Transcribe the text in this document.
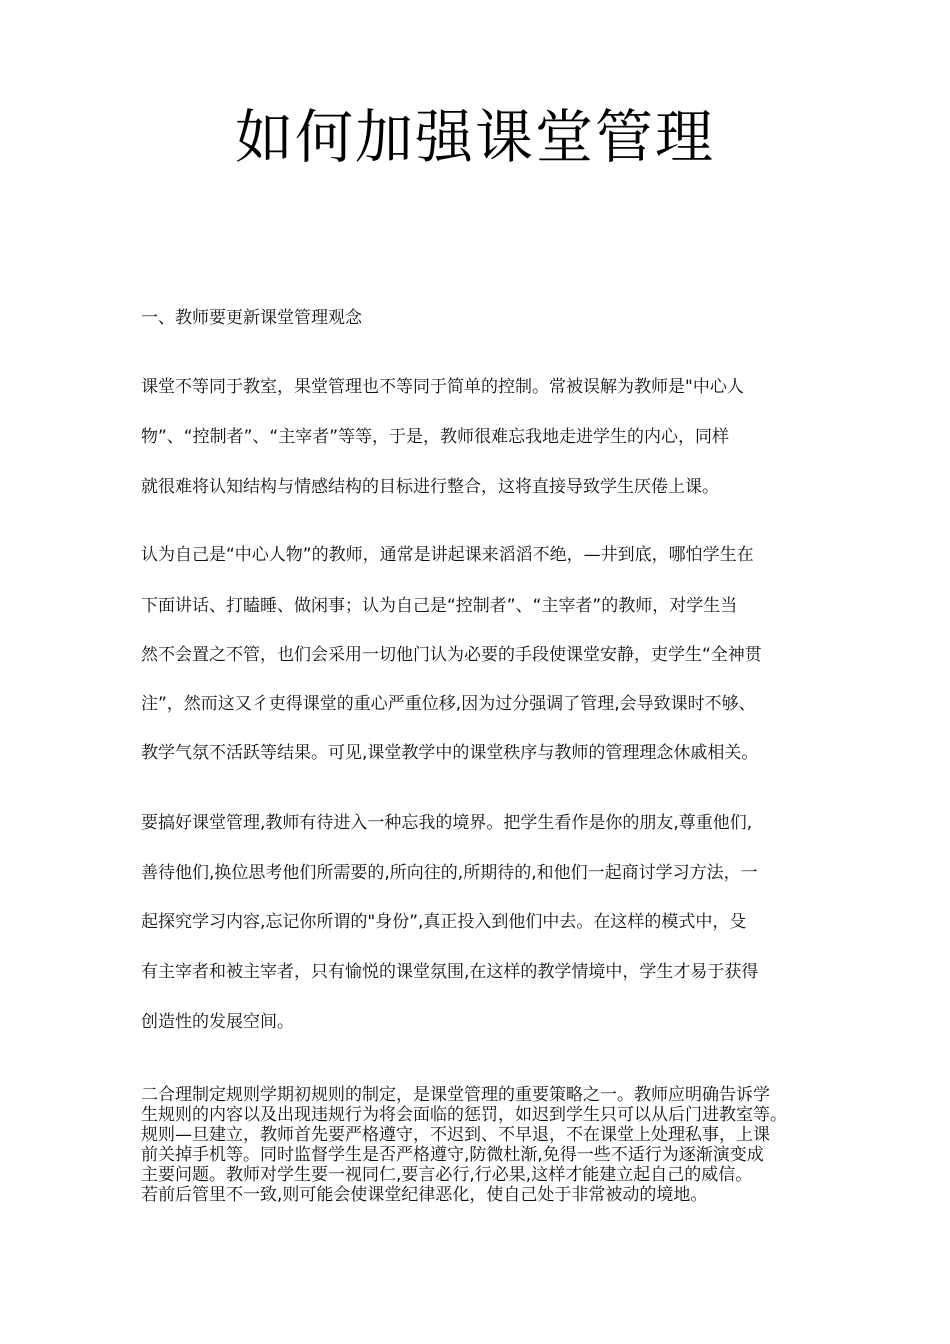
如何加强课堂管理
一、教师要更新课堂管理观念
课堂不等同于教室，果堂管理也不等同于简单的控制。常被误解为教师是"中心人
物”、“控制者”、“主宰者”等等，于是，教师很难忘我地走进学生的内心，同样
就很难将认知结构与情感结构的目标进行整合，这将直接导致学生厌倦上课。
认为自己是“中心人物”的教师，通常是讲起课来滔滔不绝，—井到底，哪怕学生在
下面讲话、打瞌睡、做闲事；认为自己是“控制者”、“主宰者”的教师，对学生当
然不会置之不管，也们会采用一切他门认为必要的手段使课堂安静，吏学生“全神贯
注”，然而这又彳吏得课堂的重心严重位移,因为过分强调了管理,会导致课时不够、
教学气氛不活跃等结果。可见,课堂教学中的课堂秩序与教师的管理理念休戚相关。
要搞好课堂管理,教师有待进入一种忘我的境界。把学生看作是你的朋友,尊重他们,
善待他们,换位思考他们所需要的,所向往的,所期待的,和他们一起商讨学习方法，一
起探究学习内容,忘记你所谓的"身份”,真正投入到他们中去。在这样的模式中，殳
有主宰者和被主宰者，只有愉悦的课堂氛围,在这样的教学情境中，学生才易于获得
创造性的发展空间。
二合理制定规则学期初规则的制定，是课堂管理的重要策略之一。教师应明确告诉学
生规则的内容以及出现违规行为将会面临的惩罚，如迟到学生只可以从后门进教室等。
规则—旦建立，教师首先要严格遵守，不迟到、不早退，不在课堂上处理私事，上课
前关掉手机等。同时监督学生是否严格遵守,防微杜渐,免得一些不适行为逐渐演变成
主要问题。教师对学生要一视同仁,要言必行,行必果,这样才能建立起自己的威信。
若前后管里不一致,则可能会使课堂纪律恶化，使自己处于非常被动的境地。
